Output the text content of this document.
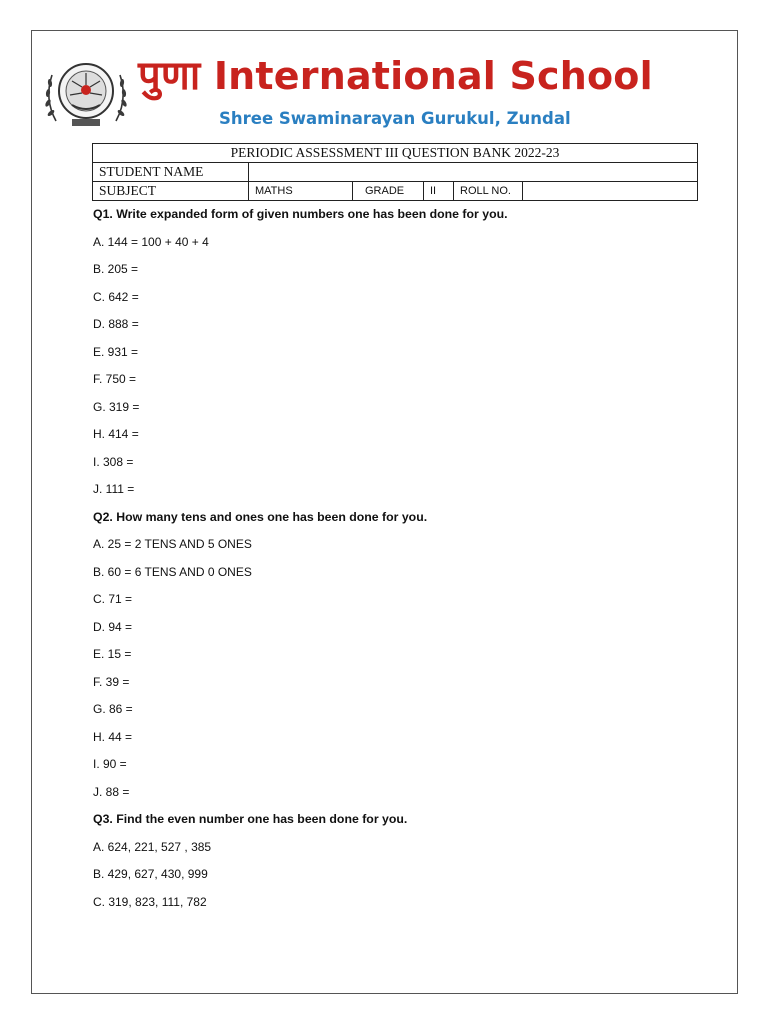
पुणा International School
Shree Swaminarayan Gurukul, Zundal
PERIODIC ASSESSMENT III QUESTION BANK 2022-23					
STUDENT NAME					
SUBJECT	MATHS	GRADE	II	ROLL NO.	
Q1. Write expanded form of given numbers one has been done for you.
A. 144 = 100 + 40 + 4
B. 205 =
C. 642 =
D. 888 =
E. 931 =
F. 750 =
G. 319 =
H. 414 =
I. 308 =
J. 111 =
Q2. How many tens and ones one has been done for you.
A. 25 = 2 TENS AND 5 ONES
B. 60 = 6 TENS AND 0 ONES
C. 71 =
D. 94 =
E. 15 =
F. 39 =
G. 86 =
H. 44 =
I. 90 =
J. 88 =
Q3. Find the even number one has been done for you.
A. 624, 221, 527 , 385
B. 429, 627, 430, 999
C. 319, 823, 111, 782
